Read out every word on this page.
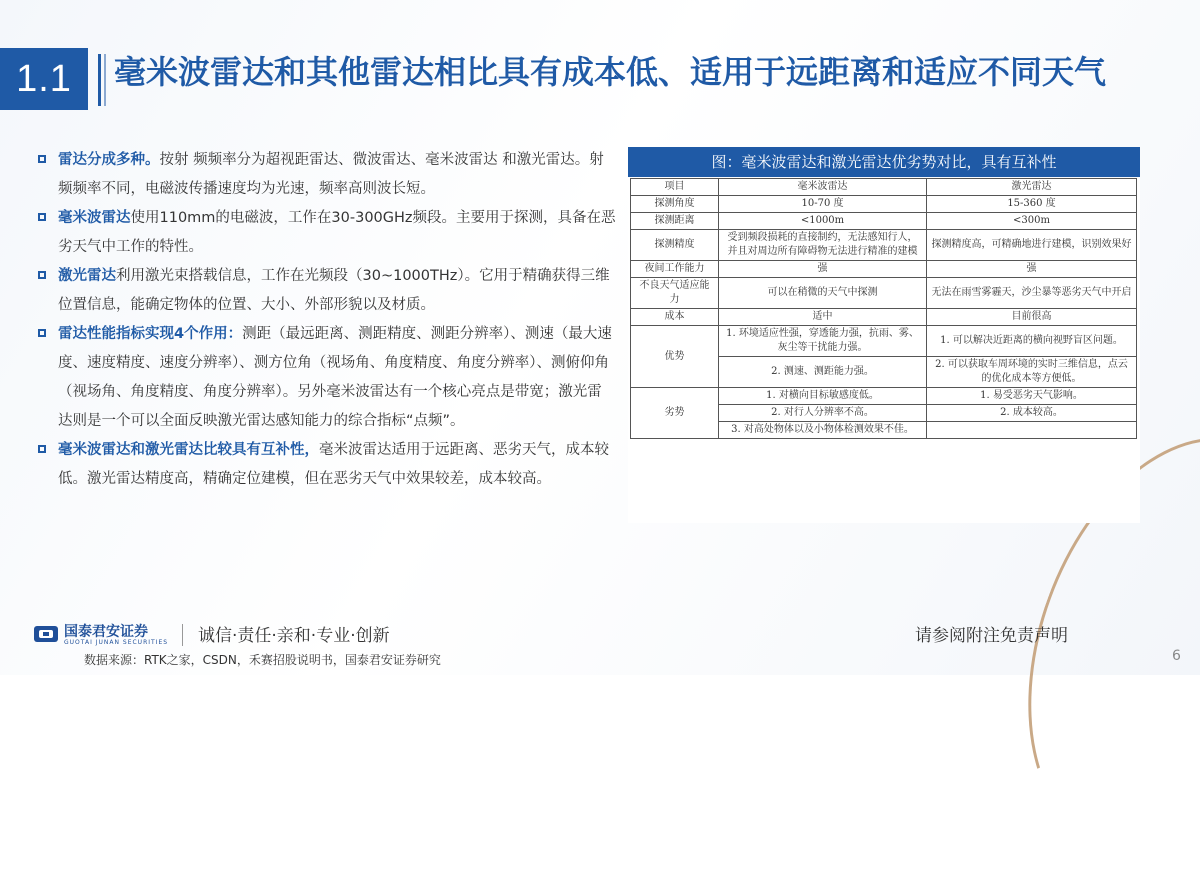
1.1	毫米波雷达和其他雷达相比具有成本低、适用于远距离和适应不同天气

雷达分成多种。按射 频频率分为超视距雷达、微波雷达、毫米波雷达 和激光雷达。射频频率不同，电磁波传播速度均为光速，频率高则波长短。

毫米波雷达使用110mm的电磁波，工作在30-300GHz频段。主要用于探测，具备在恶劣天气中工作的特性。

激光雷达利用激光束搭载信息，工作在光频段（30~1000THz）。它用于精确获得三维位置信息，能确定物体的位置、大小、外部形貌以及材质。

雷达性能指标实现4个作用：测距（最远距离、测距精度、测距分辨率）、测速（最大速度、速度精度、速度分辨率）、测方位角（视场角、角度精度、角度分辨率）、测俯仰角（视场角、角度精度、角度分辨率）。另外毫米波雷达有一个核心亮点是带宽；激光雷达则是一个可以全面反映激光雷达感知能力的综合指标“点频”。

毫米波雷达和激光雷达比较具有互补性，毫米波雷达适用于远距离、恶劣天气，成本较低。激光雷达精度高，精确定位建模，但在恶劣天气中效果较差，成本较高。

图：毫米波雷达和激光雷达优劣势对比，具有互补性
项目	毫米波雷达	激光雷达
探测角度	10-70 度	15-360 度
探测距离	<1000m	<300m
探测精度	受到频段损耗的直接制约，无法感知行人，并且对周边所有障碍物无法进行精准的建模	探测精度高，可精确地进行建模，识别效果好
夜间工作能力	强	强
不良天气适应能力	可以在稍微的天气中探测	无法在雨雪雾霾天，沙尘暴等恶劣天气中开启
成本	适中	目前很高
优势	1. 环境适应性强，穿透能力强，抗雨、雾、灰尘等干扰能力强。	1. 可以解决近距离的横向视野盲区问题。
	2. 测速、测距能力强。	2. 可以获取车周环境的实时三维信息，点云的优化成本等方便低。
劣势	1. 对横向目标敏感度低。	1. 易受恶劣天气影响。
	2. 对行人分辨率不高。	2. 成本较高。
	3. 对高处物体以及小物体检测效果不佳。	
国泰君安证券
GUOTAI JUNAN SECURITIES 诚信·责任·亲和·专业·创新	请参阅附注免责声明
数据来源：RTK之家，CSDN，禾赛招股说明书，国泰君安证券研究	6
